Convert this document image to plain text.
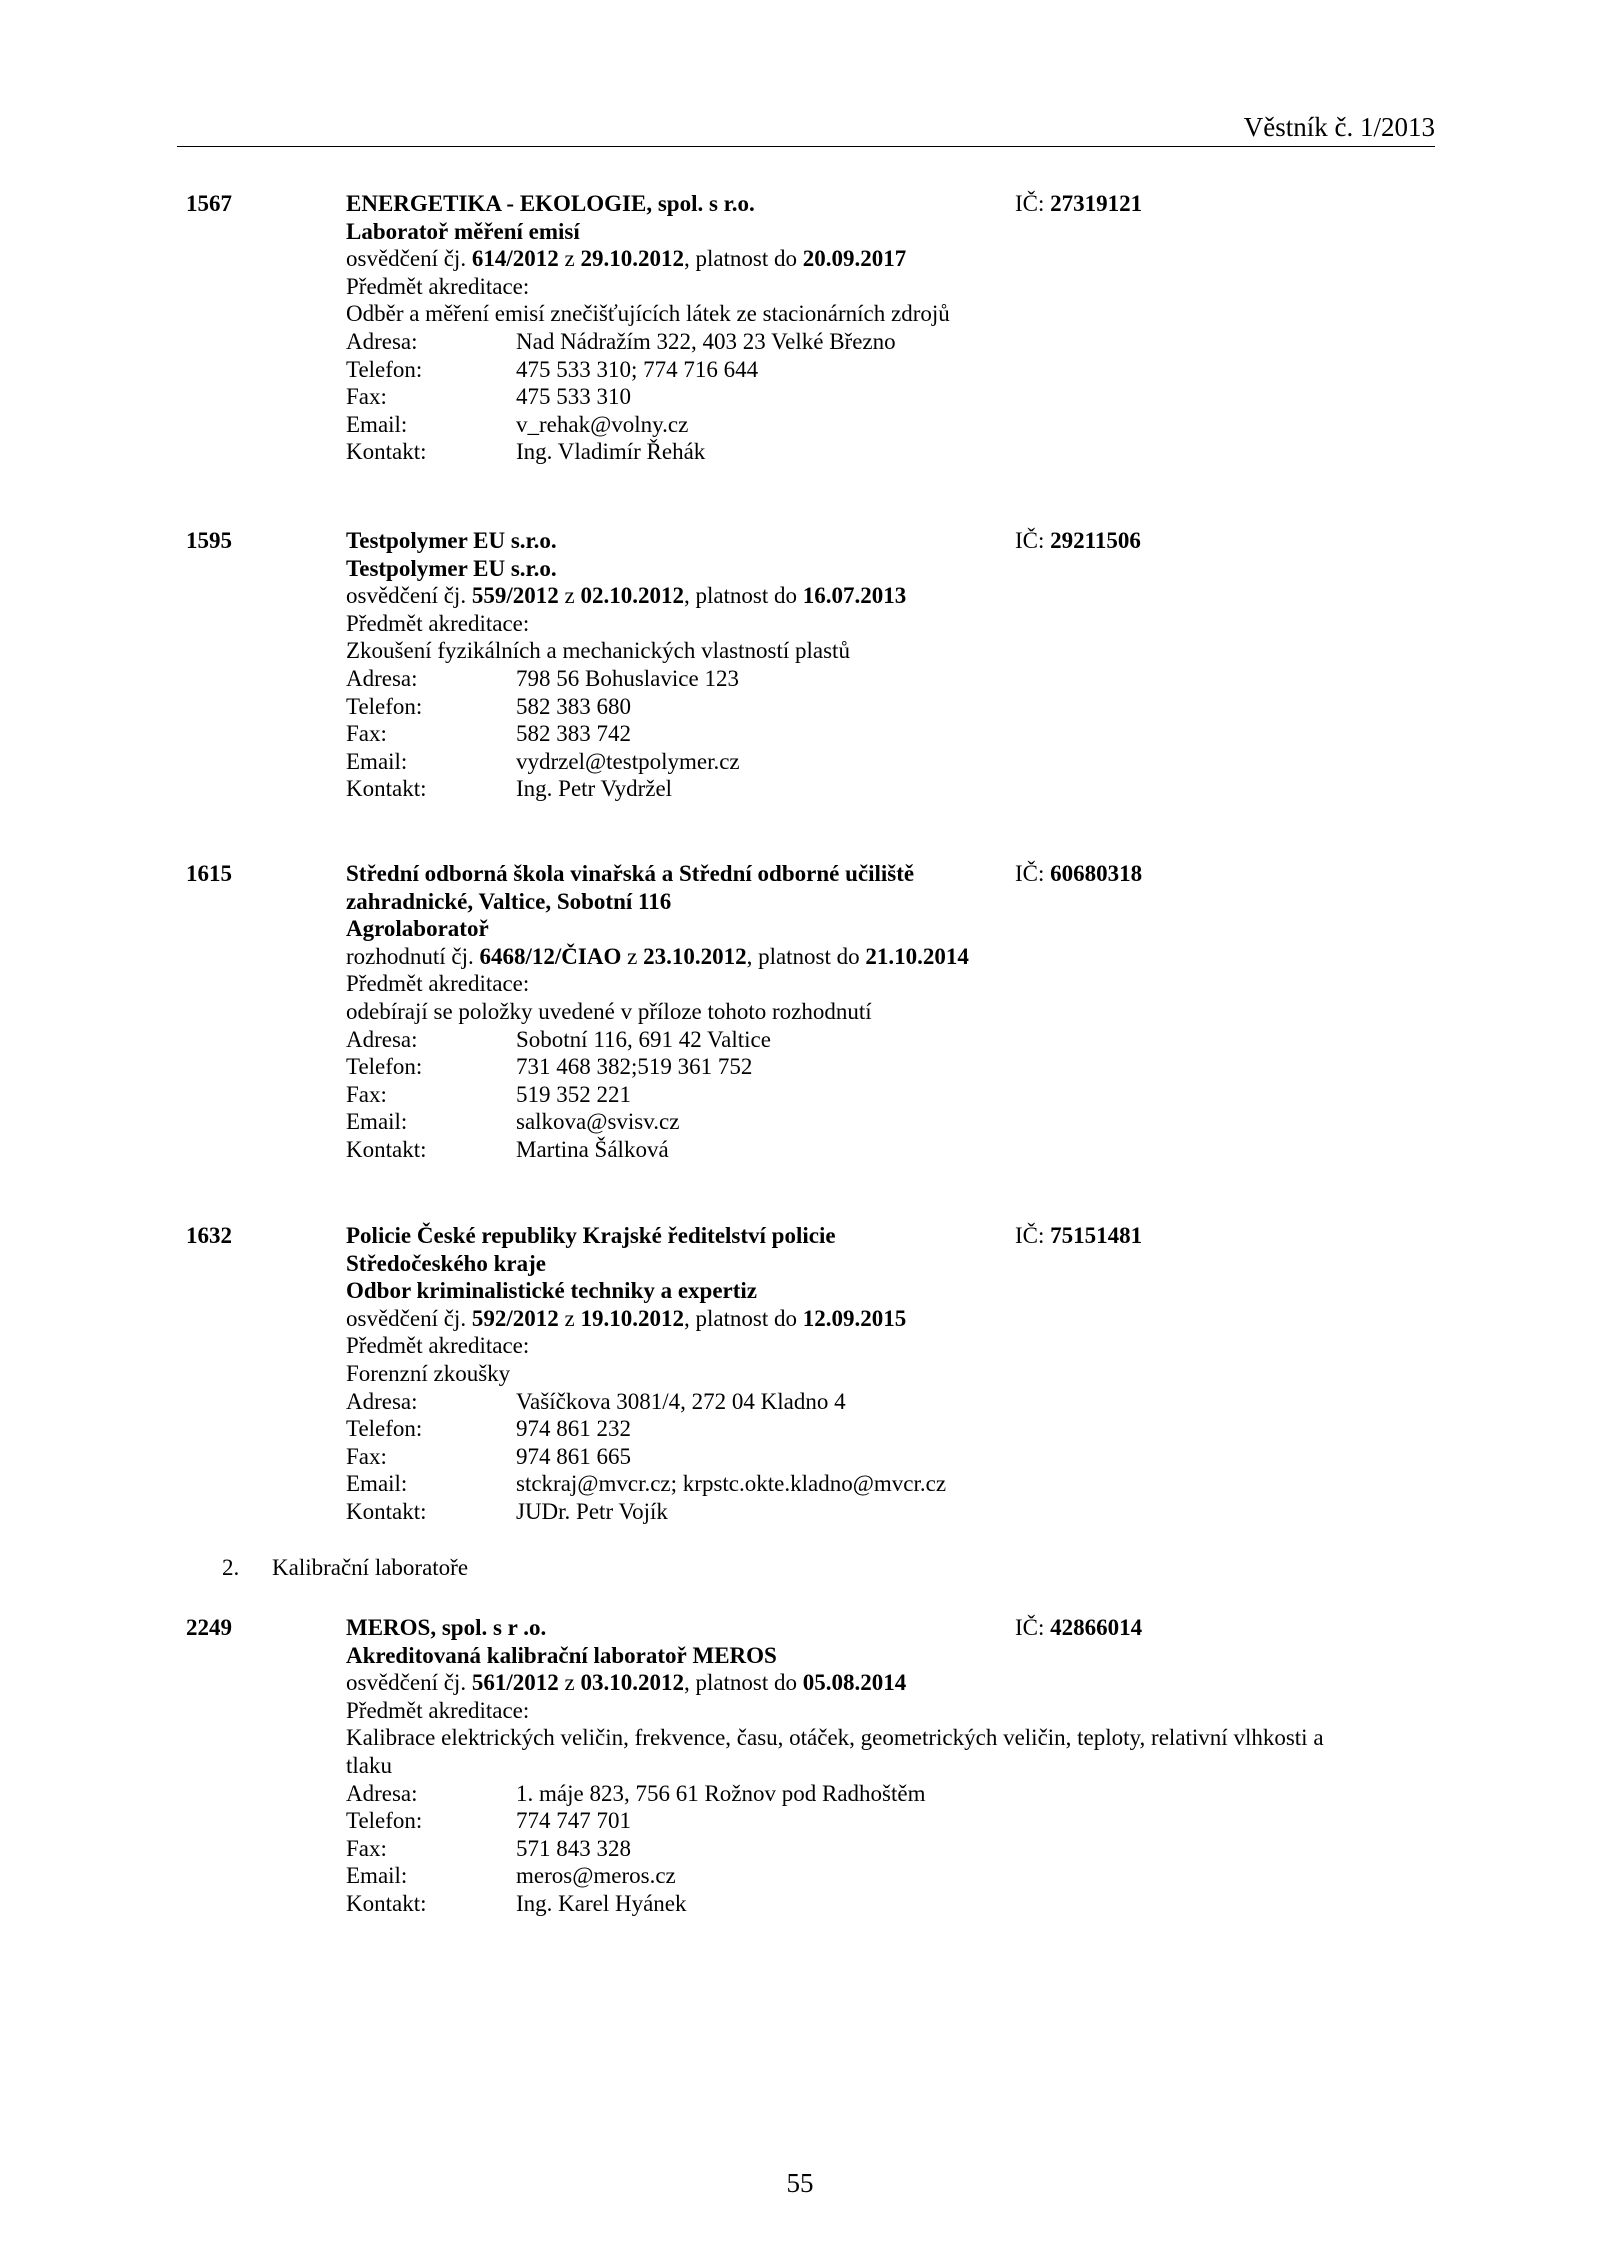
Věstník č. 1/2013
1567	IČ: 27319121
ENERGETIKA - EKOLOGIE, spol. s r.o.
Laboratoř měření emisí
osvědčení čj. 614/2012 z 29.10.2012, platnost do 20.09.2017
Předmět akreditace:
Odběr a měření emisí znečišťujících látek ze stacionárních zdrojů
Adresa:	Nad Nádražím 322, 403 23 Velké Březno
Telefon:	475 533 310; 774 716 644
Fax:	475 533 310
Email:	v_rehak@volny.cz
Kontakt:	Ing. Vladimír Řehák
1595	IČ: 29211506
Testpolymer EU s.r.o.
Testpolymer EU s.r.o.
osvědčení čj. 559/2012 z 02.10.2012, platnost do 16.07.2013
Předmět akreditace:
Zkoušení fyzikálních a mechanických vlastností plastů
Adresa:	798 56 Bohuslavice 123
Telefon:	582 383 680
Fax:	582 383 742
Email:	vydrzel@testpolymer.cz
Kontakt:	Ing. Petr Vydržel
1615	IČ: 60680318
Střední odborná škola vinařská a Střední odborné učiliště
zahradnické, Valtice, Sobotní 116
Agrolaboratoř
rozhodnutí čj. 6468/12/ČIAO z 23.10.2012, platnost do 21.10.2014
Předmět akreditace:
odebírají se položky uvedené v příloze tohoto rozhodnutí
Adresa:	Sobotní 116, 691 42 Valtice
Telefon:	731 468 382;519 361 752
Fax:	519 352 221
Email:	salkova@svisv.cz
Kontakt:	Martina Šálková
1632	IČ: 75151481
Policie České republiky Krajské ředitelství policie
Středočeského kraje
Odbor kriminalistické techniky a expertiz
osvědčení čj. 592/2012 z 19.10.2012, platnost do 12.09.2015
Předmět akreditace:
Forenzní zkoušky
Adresa:	Vašíčkova 3081/4, 272 04 Kladno 4
Telefon:	974 861 232
Fax:	974 861 665
Email:	stckraj@mvcr.cz; krpstc.okte.kladno@mvcr.cz
Kontakt:	JUDr. Petr Vojík
2. Kalibrační laboratoře
2249	IČ: 42866014
MEROS, spol. s r .o.
Akreditovaná kalibrační laboratoř MEROS
osvědčení čj. 561/2012 z 03.10.2012, platnost do 05.08.2014
Předmět akreditace:
Kalibrace elektrických veličin, frekvence, času, otáček, geometrických veličin, teploty, relativní vlhkosti a tlaku
Adresa:	1. máje 823, 756 61 Rožnov pod Radhoštěm
Telefon:	774 747 701
Fax:	571 843 328
Email:	meros@meros.cz
Kontakt:	Ing. Karel Hyánek
55
